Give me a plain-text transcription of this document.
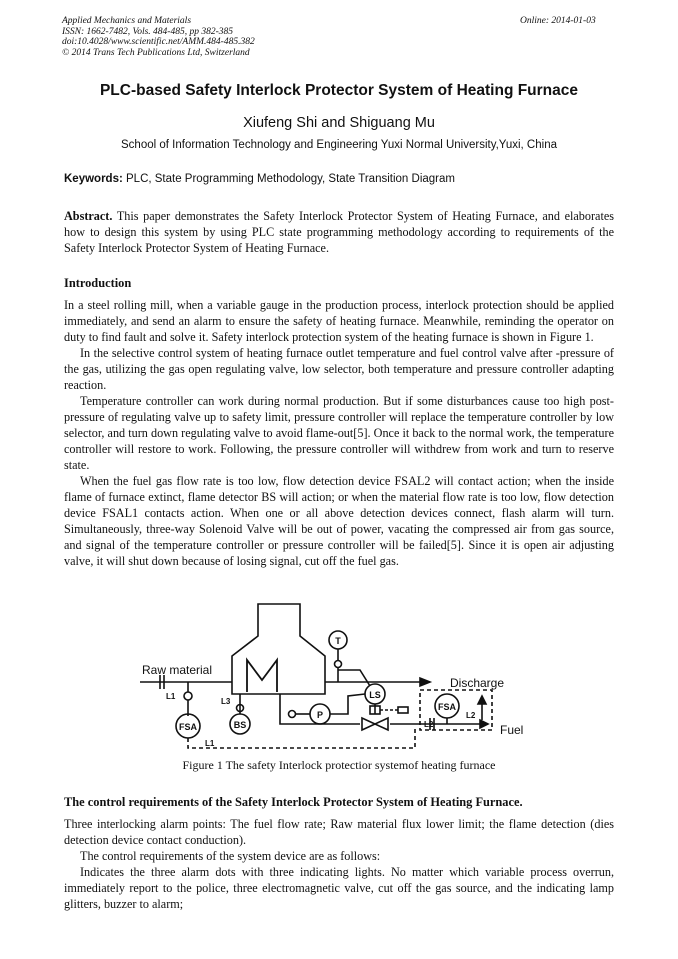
Applied Mechanics and Materials
ISSN: 1662-7482, Vols. 484-485, pp 382-385
doi:10.4028/www.scientific.net/AMM.484-485.382
© 2014 Trans Tech Publications Ltd, Switzerland
Online: 2014-01-03
PLC-based Safety Interlock Protector System of Heating Furnace
Xiufeng Shi and Shiguang Mu
School of Information Technology and Engineering Yuxi Normal University,Yuxi, China
Keywords: PLC, State Programming Methodology, State Transition Diagram

Abstract. This paper demonstrates the Safety Interlock Protector System of Heating Furnace, and elaborates how to design this system by using PLC state programming methodology according to requirements of the Safety Interlock Protector System of Heating Furnace.

Introduction

In a steel rolling mill, when a variable gauge in the production process, interlock protection should be applied immediately, and send an alarm to ensure the safety of heating furnace. Meanwhile, reminding the operator on duty to find fault and solve it. Safety interlock protection system of the heating furnace is shown in Figure 1.

In the selective control system of heating furnace outlet temperature and fuel control valve after -pressure of the gas, utilizing the gas open regulating valve, low selector, both temperature and pressure controller adapting reaction.

Temperature controller can work during normal production. But if some disturbances cause too high post-pressure of regulating valve up to safety limit, pressure controller will replace the temperature controller by low selector, and turn down regulating valve to avoid flame-out[5]. Once it back to the normal work, the temperature controller will restore to work. Following, the pressure controller will withdrew from work and turn to reserve state.

When the fuel gas flow rate is too low, flow detection device FSAL2 will contact action; when the inside flame of furnace extinct, flame detector BS will action; or when the material flow rate is too low, flow detection device FSAL1 contacts action. When one or all above detection devices connect, flash alarm will turn. Simultaneously, three-way Solenoid Valve will be out of power, vacating the compressed air from gas source, and signal of the temperature controller or pressure controller will be failed[5]. Since it is open air adjusting valve, it will shut down because of losing signal, cut off the fuel gas.

Raw material
Discharge
Fuel
T
LS
P
BS
FSA
FSA
L1
L1
L3
L2
L2
Figure 1 The safety Interlock protectior systemof heating furnace
The control requirements of the Safety Interlock Protector System of Heating Furnace.

Three interlocking alarm points: The fuel flow rate; Raw material flux lower limit; the flame detection (dies detection device contact conduction).

The control requirements of the system device are as follows:

Indicates the three alarm dots with three indicating lights. No matter which variable process overrun, immediately report to the police, three electromagnetic valve, cut off the gas source, and the indicating lamp glitters, buzzer to alarm;
